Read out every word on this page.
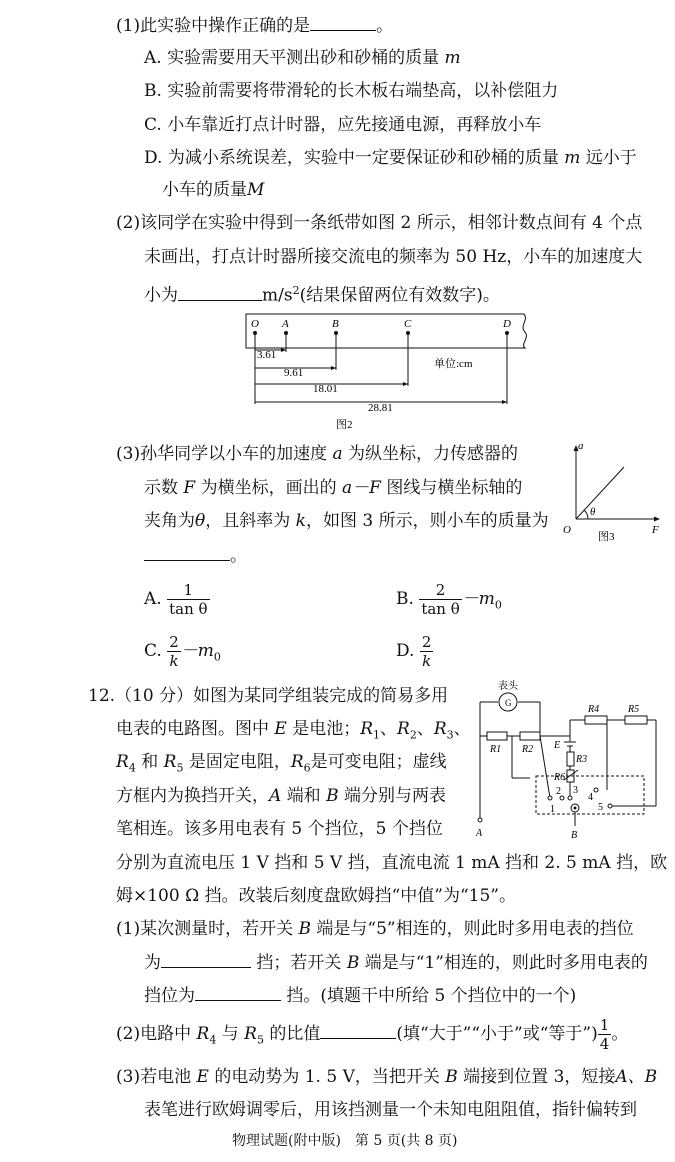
(1)此实验中操作正确的是	。
A. 实验需要用天平测出砂和砂桶的质量 m
B. 实验前需要将带滑轮的长木板右端垫高，以补偿阻力
C. 小车靠近打点计时器，应先接通电源，再释放小车
D. 为减小系统误差，实验中一定要保证砂和砂桶的质量 m 远小于
小车的质量M
(2)该同学在实验中得到一条纸带如图 2 所示，相邻计数点间有 4 个点
未画出，打点计时器所接交流电的频率为 50 Hz，小车的加速度大
小为	$m/s^2$(结果保留两位有效数字)。
O A	B	C	D
3.61
9.61
18.01
28.81
单位:cm
图2
(3)孙华同学以小车的加速度 a 为纵坐标，力传感器的
示数 F 为横坐标，画出的 a－F 图线与横坐标轴的
夹角为θ，且斜率为 k，如图 3 所示，则小车的质量为
。
a
F
O
θ
图3
A. $\frac{1}{\text{tan θ}}$	B. $\frac{2}{\text{tan θ}} -m_0$
C. $\frac{2}{k} -m_0$	D. $\frac{2}{k}$
12.（10 分）如图为某同学组装完成的简易多用
电表的电路图。图中 E 是电池；$R_1$、$R_2$、$R_3$、
$R_4$ 和 $R_5$ 是固定电阻，$R_6$是可变电阻；虚线
方框内为换挡开关，A 端和 B 端分别与两表
笔相连。该多用电表有 5 个挡位，5 个挡位
分别为直流电压 1 V 挡和 5 V 挡，直流电流 1 mA 挡和 2. 5 mA 挡，欧
姆×100 Ω 挡。改装后刻度盘欧姆挡“中值”为“15”。
表头
G
R1 R2
R3
R4	R5
R6
E
A	B
1
2 3
4
5
(1)某次测量时，若开关 B 端是与“5”相连的，则此时多用电表的挡位
为	挡；若开关 B 端是与“1”相连的，则此时多用电表的
挡位为	挡。(填题干中所给 5 个挡位中的一个)
(2)电路中 $R_4$ 与 $R_5$ 的比值	(填“大于”“小于”或“等于”) $\frac{1}{4}$ 。
(3)若电池 E 的电动势为 1. 5 V，当把开关 B 端接到位置 3，短接A、B
表笔进行欧姆调零后，用该挡测量一个未知电阻阻值，指针偏转到
物理试题(附中版)　第 5 页(共 8 页)
